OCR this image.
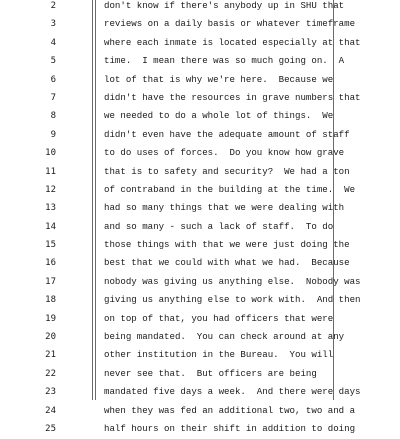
2	don't know if there's anybody up in SHU that
3	reviews on a daily basis or whatever timeframe
4	where each inmate is located especially at that
5	time.  I mean there was so much going on.  A
6	lot of that is why we're here.  Because we
7	didn't have the resources in grave numbers that
8	we needed to do a whole lot of things.  We
9	didn't even have the adequate amount of staff
10	to do uses of forces.  Do you know how grave
11	that is to safety and security?  We had a ton
12	of contraband in the building at the time.  We
13	had so many things that we were dealing with
14	and so many - such a lack of staff.  To do
15	those things with that we were just doing the
16	best that we could with what we had.  Because
17	nobody was giving us anything else.  Nobody was
18	giving us anything else to work with.  And then
19	on top of that, you had officers that were
20	being mandated.  You can check around at any
21	other institution in the Bureau.  You will
22	never see that.  But officers are being
23	mandated five days a week.  And there were days
24	when they was fed an additional two, two and a
25	half hours on their shift in addition to doing
